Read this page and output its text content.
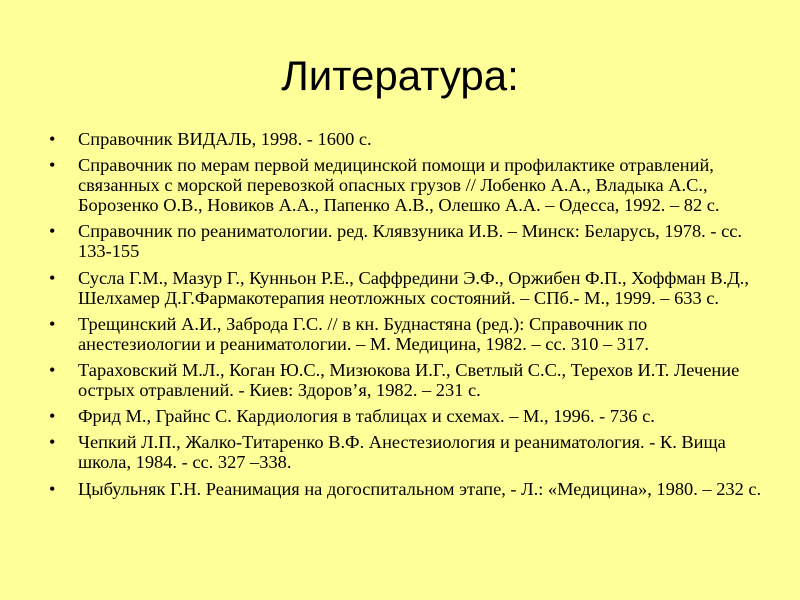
Литература:
•	Справочник ВИДАЛЬ, 1998. - 1600 с.
•	Справочник по мерам первой медицинской помощи и профилактике отравлений, связанных с морской перевозкой опасных грузов // Лобенко А.А., Владыка А.С., Борозенко О.В., Новиков А.А., Папенко А.В., Олешко А.А. – Одесса, 1992. – 82 с.
•	Справочник по реаниматологии. ред. Клявзуника И.В. – Минск: Беларусь, 1978. - сс. 133-155
•	Сусла Г.М., Мазур Г., Кунньон Р.Е., Саффредини Э.Ф., Оржибен Ф.П., Хоффман В.Д., Шелхамер Д.Г.Фармакотерапия неотложных состояний. – СПб.- М., 1999. – 633 с.
•	Трещинский А.И., Заброда Г.С. // в кн. Буднастяна (ред.): Справочник по анестезиологии и реаниматологии. – М. Медицина, 1982. – сс. 310 – 317.
•	Тараховский М.Л., Коган Ю.С., Мизюкова И.Г., Светлый С.С., Терехов И.Т. Лечение острых отравлений. - Киев: Здоров’я, 1982. – 231 с.
•	Фрид М., Грайнс С. Кардиология в таблицах и схемах. – М., 1996. - 736 с.
•	Чепкий Л.П., Жалко-Титаренко В.Ф. Анестезиология и реаниматология. - К. Вища школа, 1984. - сс. 327 –338.
•	Цыбульняк Г.Н. Реанимация на догоспитальном этапе, - Л.: «Медицина», 1980. – 232 с.
